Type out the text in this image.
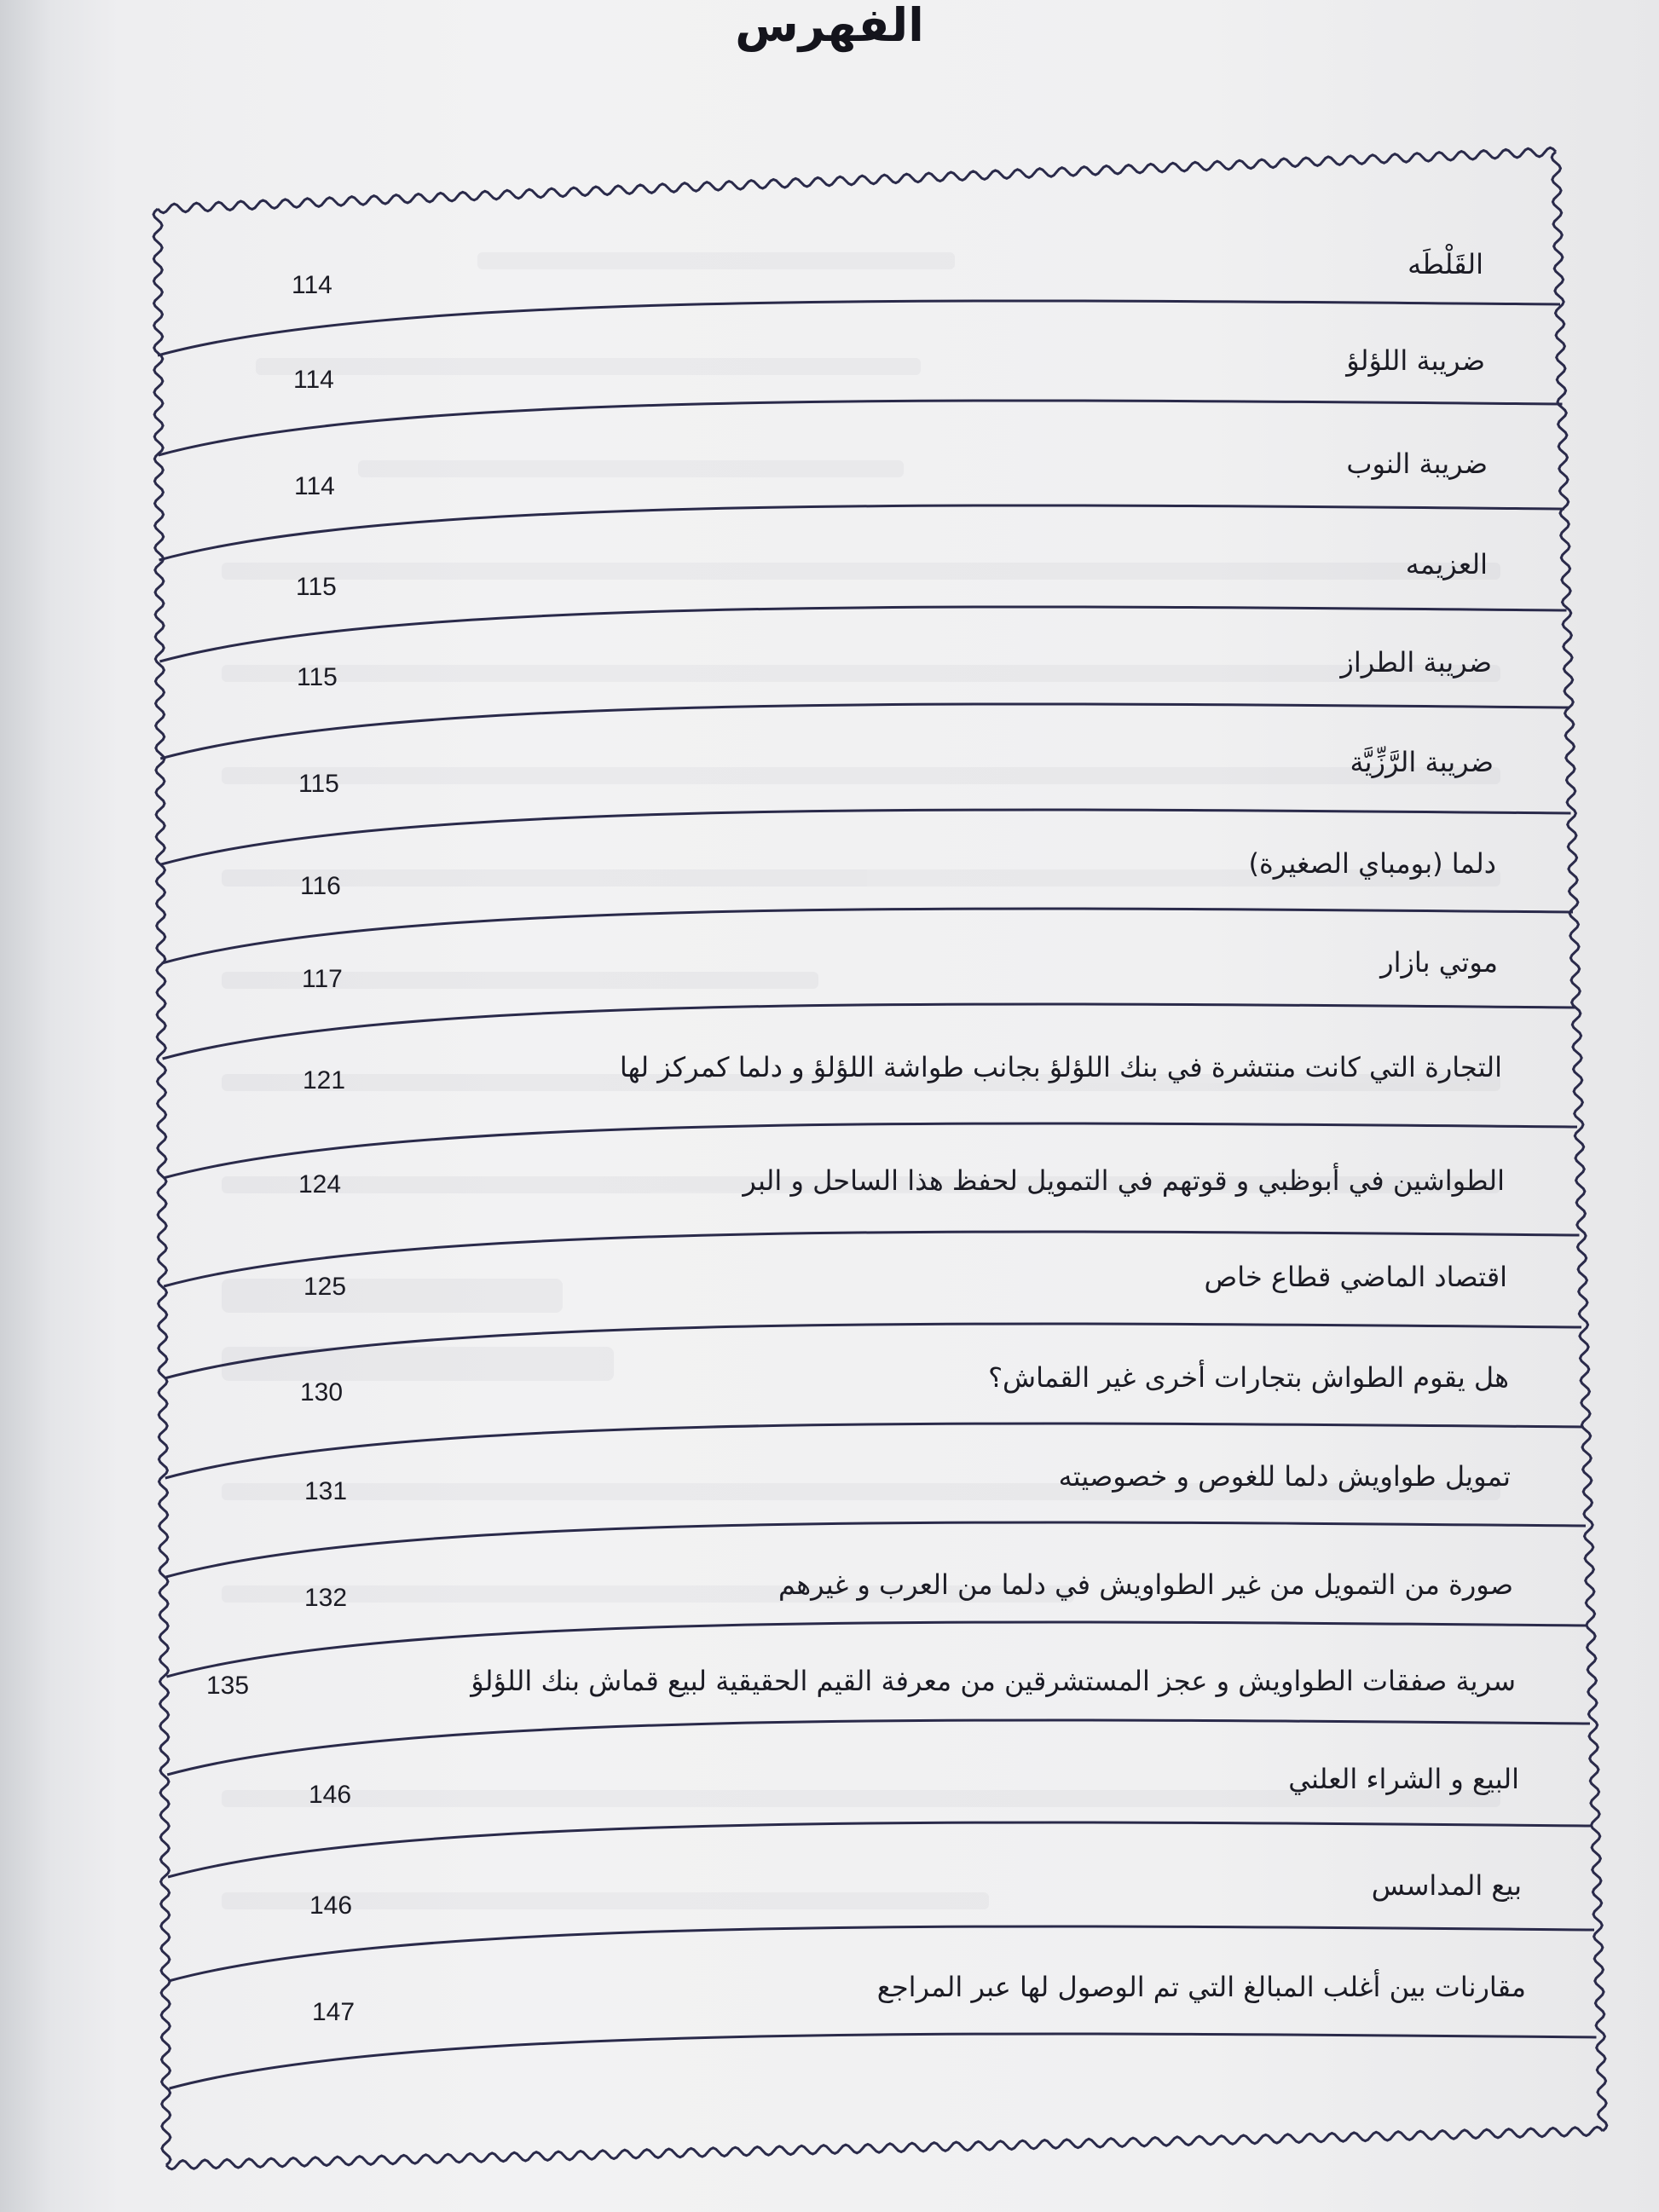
الفهرس
القَلْطَه
114
ضريبة اللؤلؤ
114
ضريبة النوب
114
العزيمه
115
ضريبة الطراز
115
ضريبة الرَّزِّيَّة
115
دلما (بومباي الصغيرة)
116
موتي بازار
117
التجارة التي كانت منتشرة في بنك اللؤلؤ بجانب طواشة اللؤلؤ و دلما كمركز لها
121
الطواشين في أبوظبي و قوتهم في التمويل لحفظ هذا الساحل و البر
124
اقتصاد الماضي قطاع خاص
125
هل يقوم الطواش بتجارات أخرى غير القماش؟
130
تمويل طواويش دلما للغوص و خصوصيته
131
صورة من التمويل من غير الطواويش في دلما من العرب و غيرهم
132
سرية صفقات الطواويش و عجز المستشرقين من معرفة القيم الحقيقية لبيع قماش بنك اللؤلؤ
135
البيع و الشراء العلني
146
بيع المداسس
146
مقارنات بين أغلب المبالغ التي تم الوصول لها عبر المراجع
147
